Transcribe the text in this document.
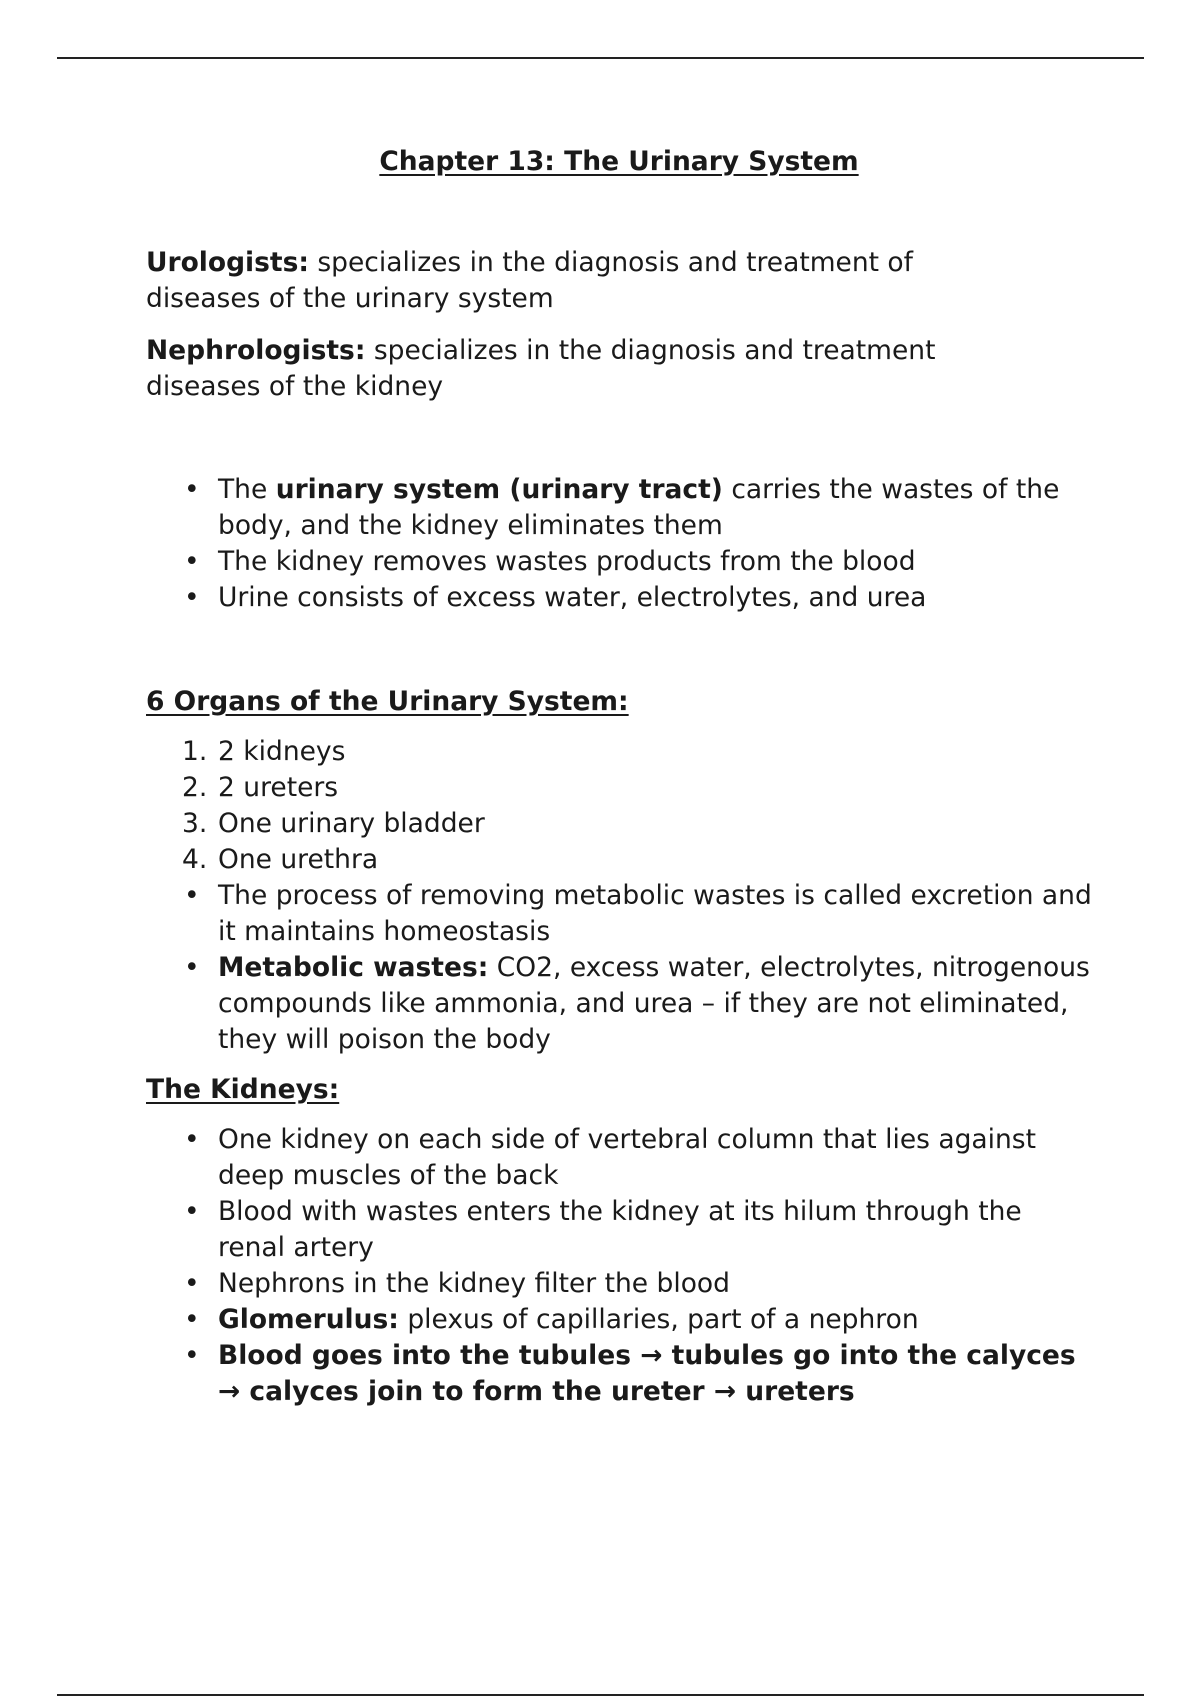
Chapter 13: The Urinary System

Urologists: specializes in the diagnosis and treatment of diseases of the urinary system

Nephrologists: specializes in the diagnosis and treatment diseases of the kidney

• The urinary system (urinary tract) carries the wastes of the body, and the kidney eliminates them
• The kidney removes wastes products from the blood
• Urine consists of excess water, electrolytes, and urea

6 Organs of the Urinary System:

1. 2 kidneys
2. 2 ureters
3. One urinary bladder
4. One urethra
• The process of removing metabolic wastes is called excretion and it maintains homeostasis
• Metabolic wastes: CO2, excess water, electrolytes, nitrogenous compounds like ammonia, and urea – if they are not eliminated, they will poison the body

The Kidneys:

• One kidney on each side of vertebral column that lies against deep muscles of the back
• Blood with wastes enters the kidney at its hilum through the renal artery
• Nephrons in the kidney filter the blood
• Glomerulus: plexus of capillaries, part of a nephron
• Blood goes into the tubules → tubules go into the calyces → calyces join to form the ureter → ureters
